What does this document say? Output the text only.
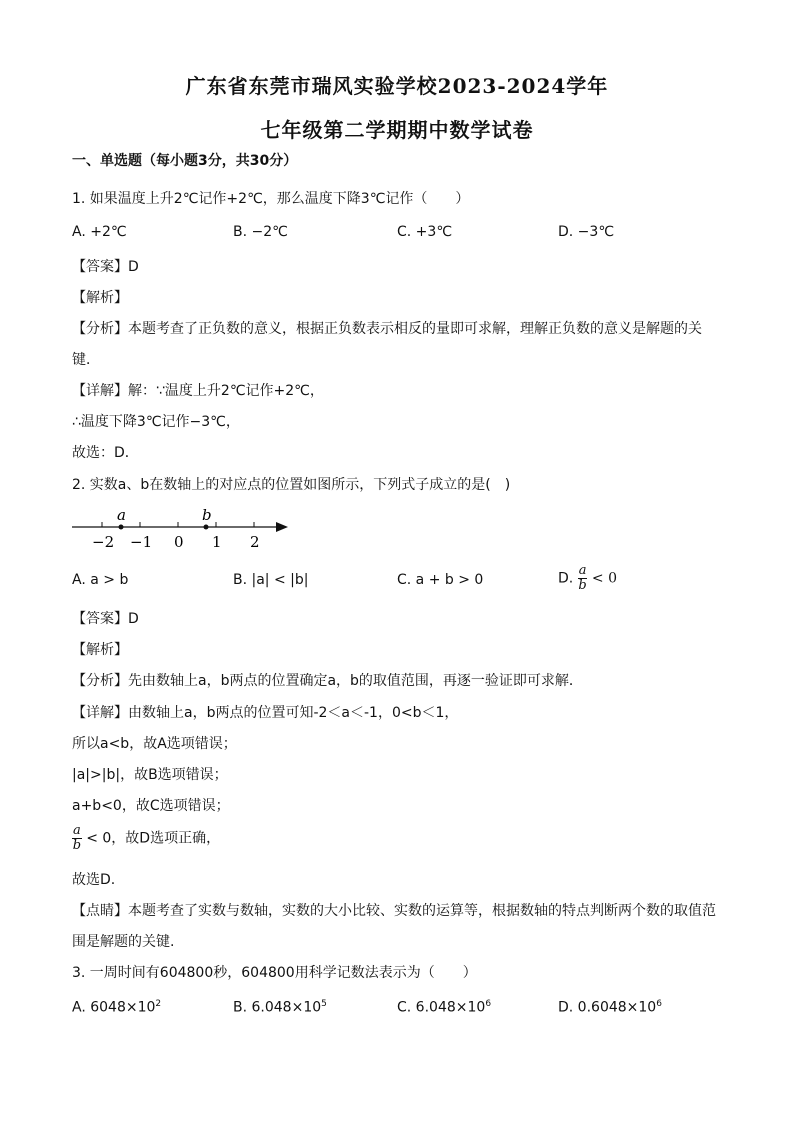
广东省东莞市瑞风实验学校2023-2024学年
七年级第二学期期中数学试卷
一、单选题（每小题3分，共30分）
1. 如果温度上升2℃记作+2℃，那么温度下降3℃记作（　　）
A. +2℃	B. −2℃	C. +3℃	D. −3℃
【答案】D
【解析】
【分析】本题考查了正负数的意义，根据正负数表示相反的量即可求解，理解正负数的意义是解题的关
键．
【详解】解：∵温度上升2℃记作+2℃，
∴温度下降3℃记作−3℃，
故选：D．
2. 实数a、b在数轴上的对应点的位置如图所示，下列式子成立的是(　)
a	b
−2 −1 0 1 2
A. a > b	B. |a| < |b|	C. a + b > 0	D. $\frac{a}{b} < 0$
【答案】D
【解析】
【分析】先由数轴上a，b两点的位置确定a，b的取值范围，再逐一验证即可求解．
【详解】由数轴上a，b两点的位置可知-2＜a＜-1，0<b＜1，
所以a<b，故A选项错误；
|a|>|b|，故B选项错误；
a+b<0，故C选项错误；
$\frac{a}{b} < 0$，故D选项正确，
故选D.
【点睛】本题考查了实数与数轴，实数的大小比较、实数的运算等，根据数轴的特点判断两个数的取值范
围是解题的关键.
3. 一周时间有604800秒，604800用科学记数法表示为（　　）
A. $6048\times 10^2$	B. $6.048\times 10^5$	C. $6.048\times 10^6$	D. $0.6048\times 10^6$
